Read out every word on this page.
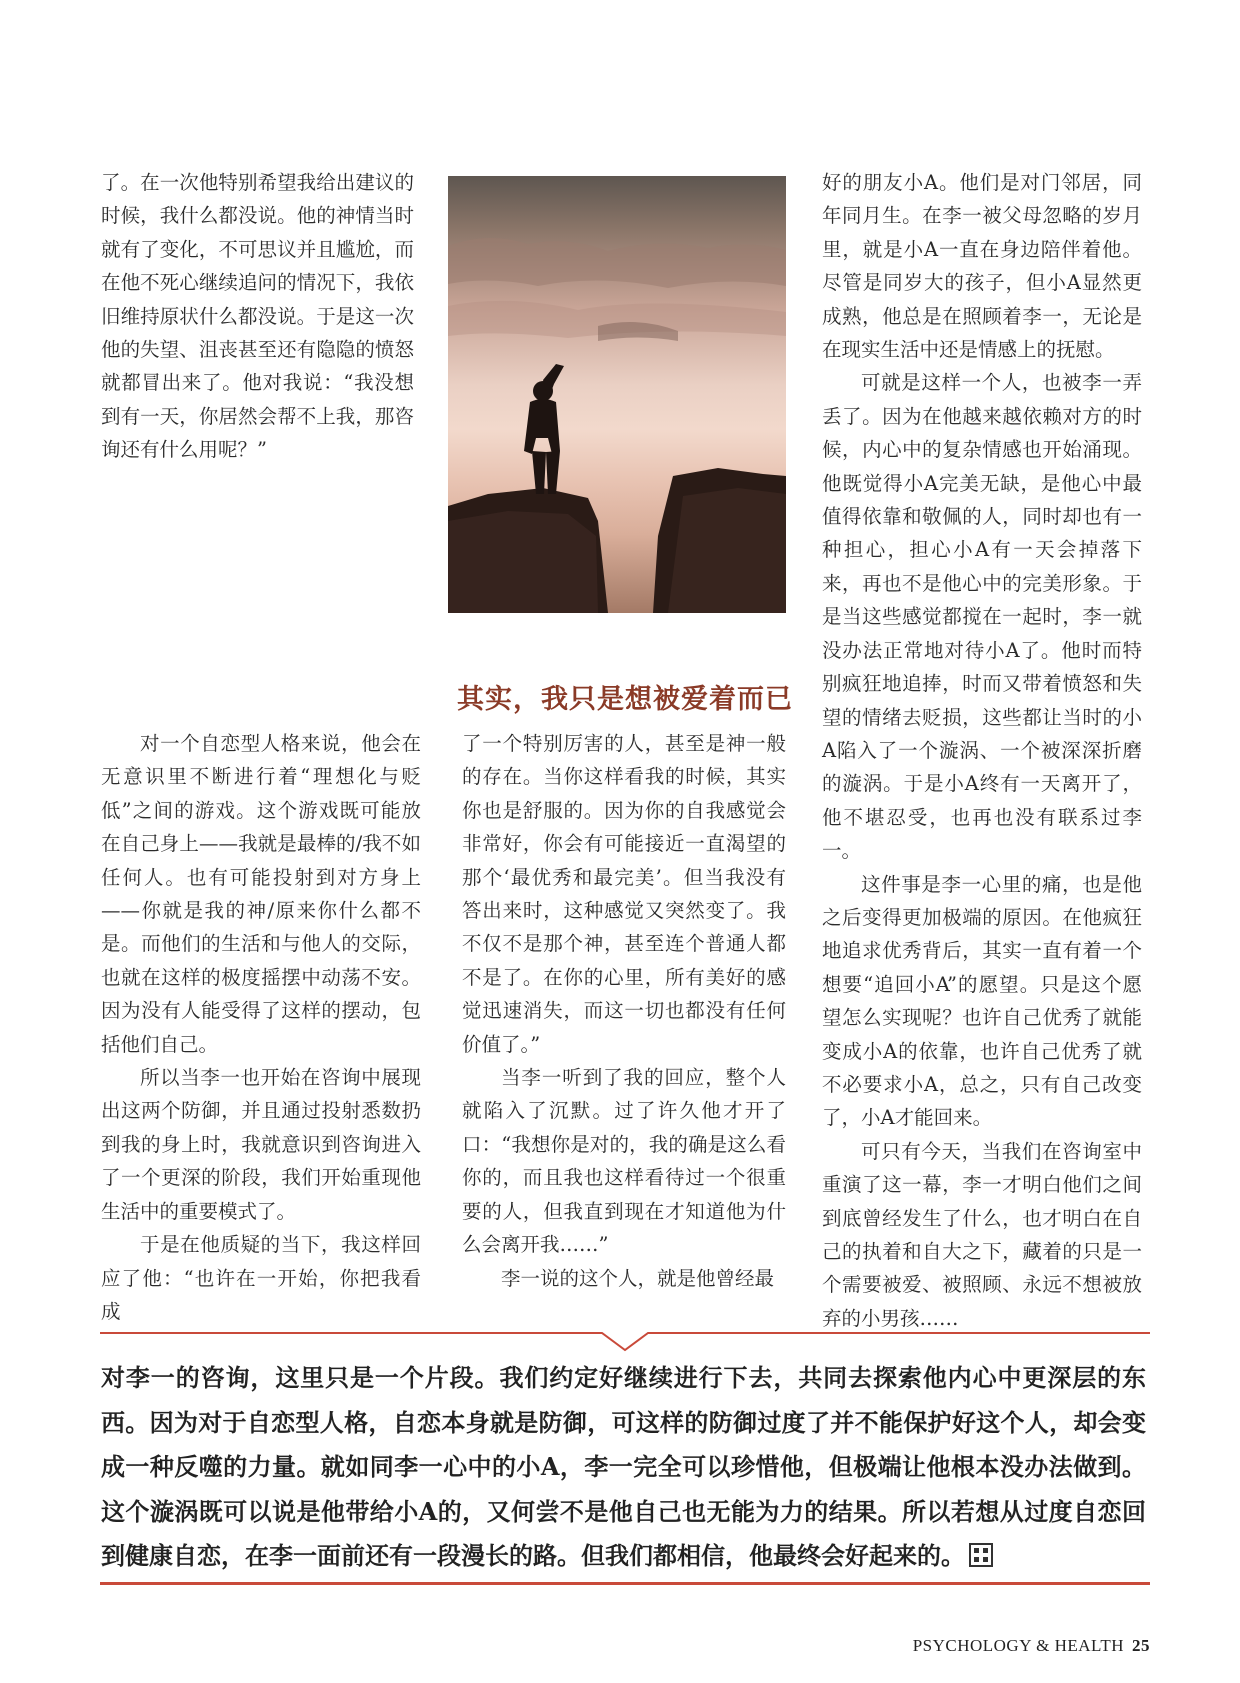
了。在一次他特别希望我给出建议的时候，我什么都没说。他的神情当时就有了变化，不可思议并且尴尬，而在他不死心继续追问的情况下，我依旧维持原状什么都没说。于是这一次他的失望、沮丧甚至还有隐隐的愤怒就都冒出来了。他对我说：“我没想到有一天，你居然会帮不上我，那咨询还有什么用呢？”

其实，我只是想被爱着而已

对一个自恋型人格来说，他会在无意识里不断进行着“理想化与贬低”之间的游戏。这个游戏既可能放在自己身上——我就是最棒的/我不如任何人。也有可能投射到对方身上——你就是我的神/原来你什么都不是。而他们的生活和与他人的交际，也就在这样的极度摇摆中动荡不安。因为没有人能受得了这样的摆动，包括他们自己。

所以当李一也开始在咨询中展现出这两个防御，并且通过投射悉数扔到我的身上时，我就意识到咨询进入了一个更深的阶段，我们开始重现他生活中的重要模式了。

于是在他质疑的当下，我这样回应了他：“也许在一开始，你把我看成

了一个特别厉害的人，甚至是神一般的存在。当你这样看我的时候，其实你也是舒服的。因为你的自我感觉会非常好，你会有可能接近一直渴望的那个‘最优秀和最完美’。但当我没有答出来时，这种感觉又突然变了。我不仅不是那个神，甚至连个普通人都不是了。在你的心里，所有美好的感觉迅速消失，而这一切也都没有任何价值了。”

当李一听到了我的回应，整个人就陷入了沉默。过了许久他才开了口：“我想你是对的，我的确是这么看你的，而且我也这样看待过一个很重要的人，但我直到现在才知道他为什么会离开我……”

李一说的这个人，就是他曾经最

好的朋友小A。他们是对门邻居，同年同月生。在李一被父母忽略的岁月里，就是小A一直在身边陪伴着他。尽管是同岁大的孩子，但小A显然更成熟，他总是在照顾着李一，无论是在现实生活中还是情感上的抚慰。

可就是这样一个人，也被李一弄丢了。因为在他越来越依赖对方的时候，内心中的复杂情感也开始涌现。他既觉得小A完美无缺，是他心中最值得依靠和敬佩的人，同时却也有一种担心，担心小A有一天会掉落下来，再也不是他心中的完美形象。于是当这些感觉都搅在一起时，李一就没办法正常地对待小A了。他时而特别疯狂地追捧，时而又带着愤怒和失望的情绪去贬损，这些都让当时的小A陷入了一个漩涡、一个被深深折磨的漩涡。于是小A终有一天离开了，他不堪忍受，也再也没有联系过李一。

这件事是李一心里的痛，也是他之后变得更加极端的原因。在他疯狂地追求优秀背后，其实一直有着一个想要“追回小A”的愿望。只是这个愿望怎么实现呢？也许自己优秀了就能变成小A的依靠，也许自己优秀了就不必要求小A，总之，只有自己改变了，小A才能回来。

可只有今天，当我们在咨询室中重演了这一幕，李一才明白他们之间到底曾经发生了什么，也才明白在自己的执着和自大之下，藏着的只是一个需要被爱、被照顾、永远不想被放弃的小男孩……

对李一的咨询，这里只是一个片段。我们约定好继续进行下去，共同去探索他内心中更深层的东西。因为对于自恋型人格，自恋本身就是防御，可这样的防御过度了并不能保护好这个人，却会变成一种反噬的力量。就如同李一心中的小A，李一完全可以珍惜他，但极端让他根本没办法做到。这个漩涡既可以说是他带给小A的，又何尝不是他自己也无能为力的结果。所以若想从过度自恋回到健康自恋，在李一面前还有一段漫长的路。但我们都相信，他最终会好起来的。

PSYCHOLOGY & HEALTH 25
